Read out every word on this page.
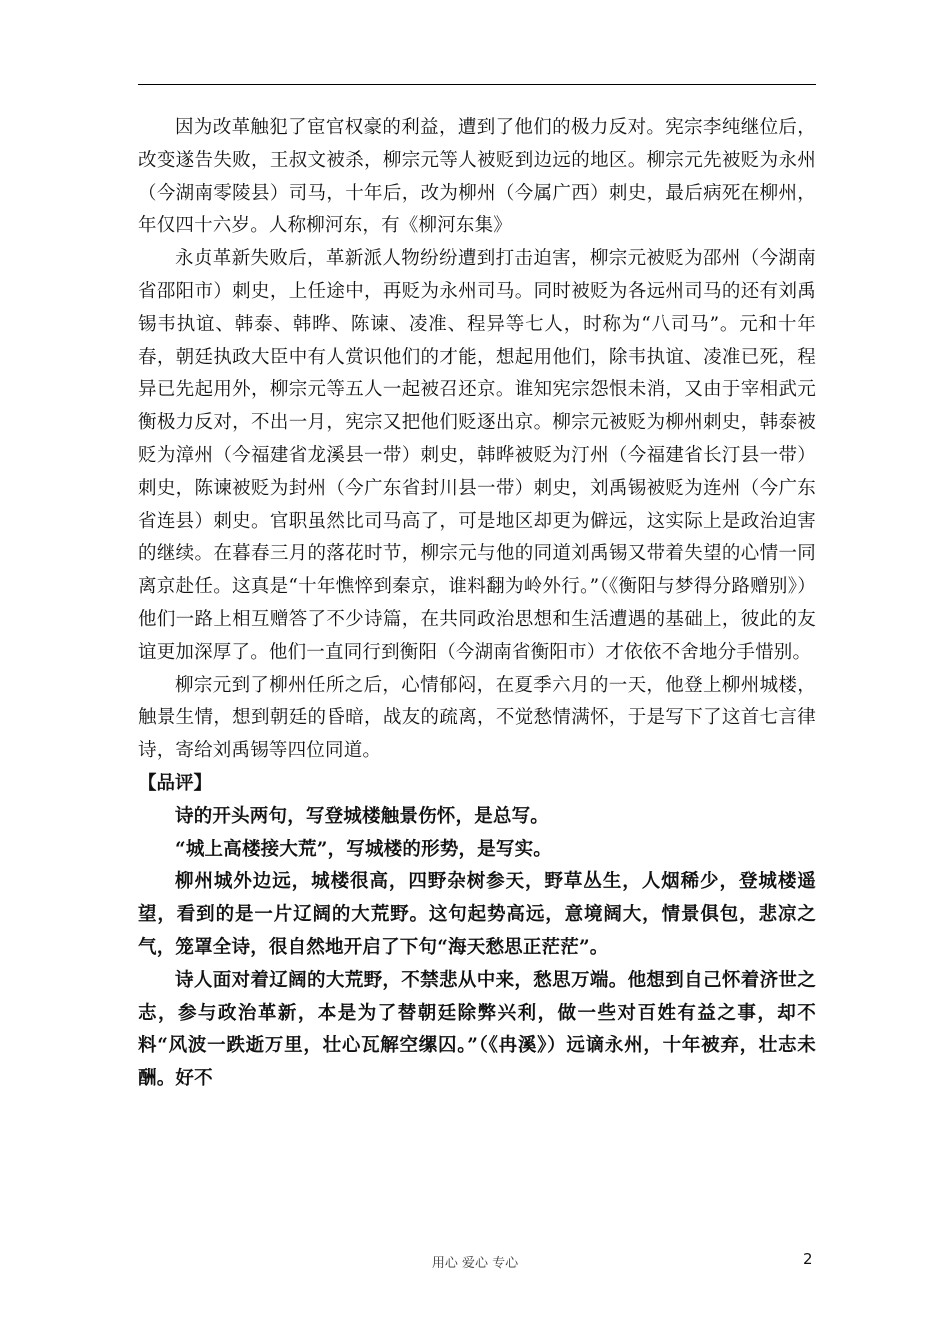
因为改革触犯了宦官权豪的利益，遭到了他们的极力反对。宪宗李纯继位后，改变遂告失败，王叔文被杀，柳宗元等人被贬到边远的地区。柳宗元先被贬为永州（今湖南零陵县）司马，十年后，改为柳州（今属广西）刺史，最后病死在柳州，年仅四十六岁。人称柳河东，有《柳河东集》

永贞革新失败后，革新派人物纷纷遭到打击迫害，柳宗元被贬为邵州（今湖南省邵阳市）刺史，上任途中，再贬为永州司马。同时被贬为各远州司马的还有刘禹锡韦执谊、韩泰、韩晔、陈谏、凌准、程异等七人，时称为“八司马”。元和十年春，朝廷执政大臣中有人赏识他们的才能，想起用他们，除韦执谊、凌准已死，程异已先起用外，柳宗元等五人一起被召还京。谁知宪宗怨恨未消，又由于宰相武元衡极力反对，不出一月，宪宗又把他们贬逐出京。柳宗元被贬为柳州刺史，韩泰被贬为漳州（今福建省龙溪县一带）刺史，韩晔被贬为汀州（今福建省长汀县一带）刺史，陈谏被贬为封州（今广东省封川县一带）刺史，刘禹锡被贬为连州（今广东省连县）刺史。官职虽然比司马高了，可是地区却更为僻远，这实际上是政治迫害的继续。在暮春三月的落花时节，柳宗元与他的同道刘禹锡又带着失望的心情一同离京赴任。这真是“十年憔悴到秦京，谁料翻为岭外行。”（《衡阳与梦得分路赠别》）他们一路上相互赠答了不少诗篇，在共同政治思想和生活遭遇的基础上，彼此的友谊更加深厚了。他们一直同行到衡阳（今湖南省衡阳市）才依依不舍地分手惜别。

柳宗元到了柳州任所之后，心情郁闷，在夏季六月的一天，他登上柳州城楼，触景生情，想到朝廷的昏暗，战友的疏离，不觉愁情满怀，于是写下了这首七言律诗，寄给刘禹锡等四位同道。

【品评】

诗的开头两句，写登城楼触景伤怀，是总写。

“城上高楼接大荒”，写城楼的形势，是写实。

柳州城外边远，城楼很高，四野杂树参天，野草丛生，人烟稀少，登城楼遥望，看到的是一片辽阔的大荒野。这句起势高远，意境阔大，情景俱包，悲凉之气，笼罩全诗，很自然地开启了下句“海天愁思正茫茫”。

诗人面对着辽阔的大荒野，不禁悲从中来，愁思万端。他想到自己怀着济世之志，参与政治革新，本是为了替朝廷除弊兴利，做一些对百姓有益之事，却不料“风波一跌逝万里，壮心瓦解空缧囚。”（《冉溪》）远谪永州，十年被弃，壮志未酬。好不

用心 爱心 专心	2
